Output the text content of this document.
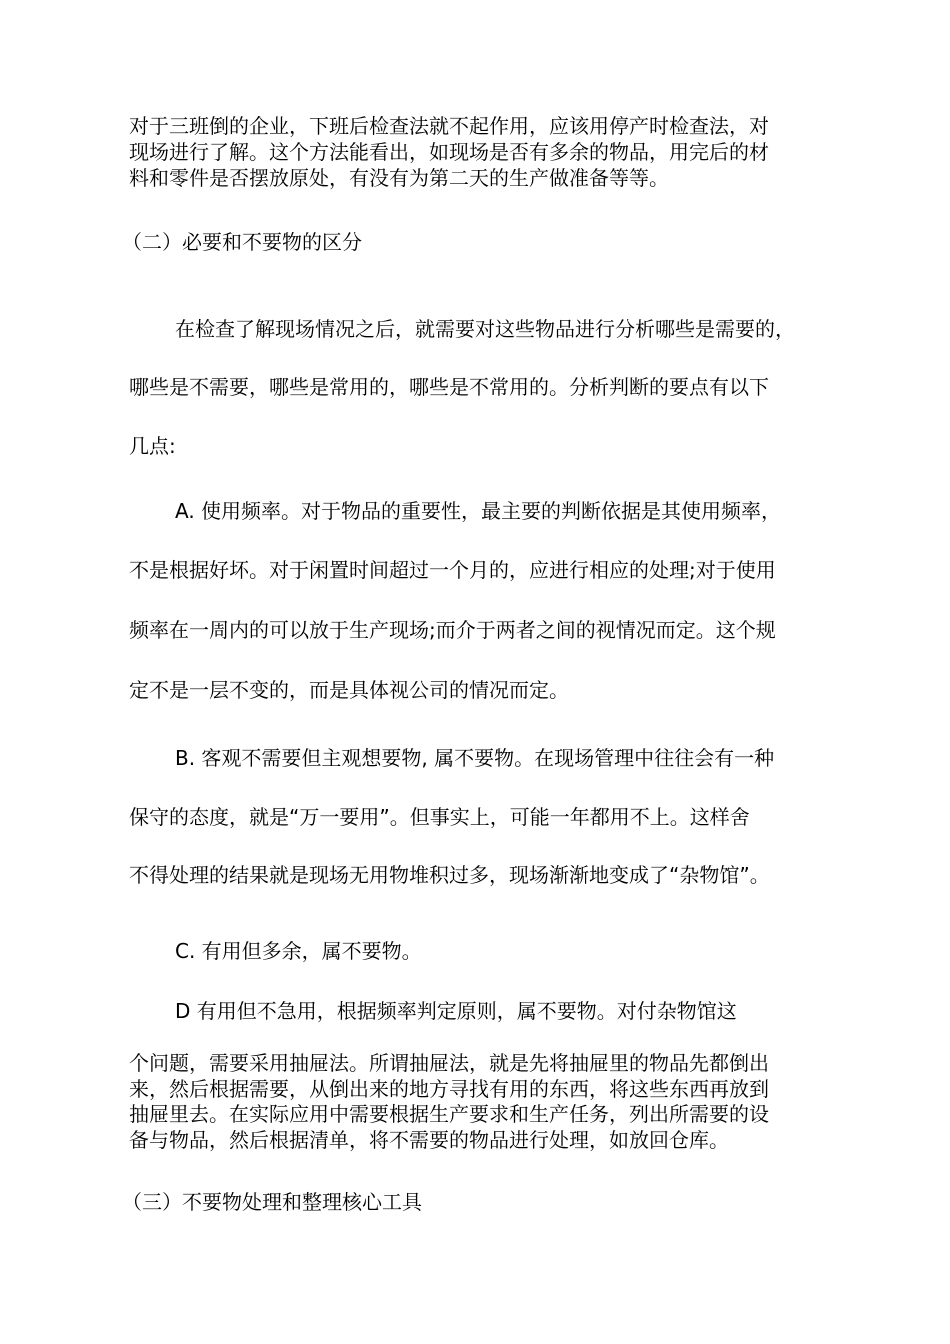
对于三班倒的企业，下班后检查法就不起作用，应该用停产时检查法，对
现场进行了解。这个方法能看出，如现场是否有多余的物品，用完后的材
料和零件是否摆放原处，有没有为第二天的生产做准备等等。
（二）必要和不要物的区分
在检查了解现场情况之后，就需要对这些物品进行分析哪些是需要的，
哪些是不需要，哪些是常用的，哪些是不常用的。分析判断的要点有以下
几点:
A. 使用频率。对于物品的重要性，最主要的判断依据是其使用频率，
不是根据好坏。对于闲置时间超过一个月的，应进行相应的处理;对于使用
频率在一周内的可以放于生产现场;而介于两者之间的视情况而定。这个规
定不是一层不变的，而是具体视公司的情况而定。
B. 客观不需要但主观想要物, 属不要物。在现场管理中往往会有一种
保守的态度，就是“万一要用”。但事实上，可能一年都用不上。这样舍
不得处理的结果就是现场无用物堆积过多，现场渐渐地变成了“杂物馆”。
C. 有用但多余，属不要物。
D 有用但不急用，根据频率判定原则，属不要物。对付杂物馆这
个问题，需要采用抽屉法。所谓抽屉法，就是先将抽屉里的物品先都倒出
来，然后根据需要，从倒出来的地方寻找有用的东西，将这些东西再放到
抽屉里去。在实际应用中需要根据生产要求和生产任务，列出所需要的设
备与物品，然后根据清单，将不需要的物品进行处理，如放回仓库。
（三）不要物处理和整理核心工具
